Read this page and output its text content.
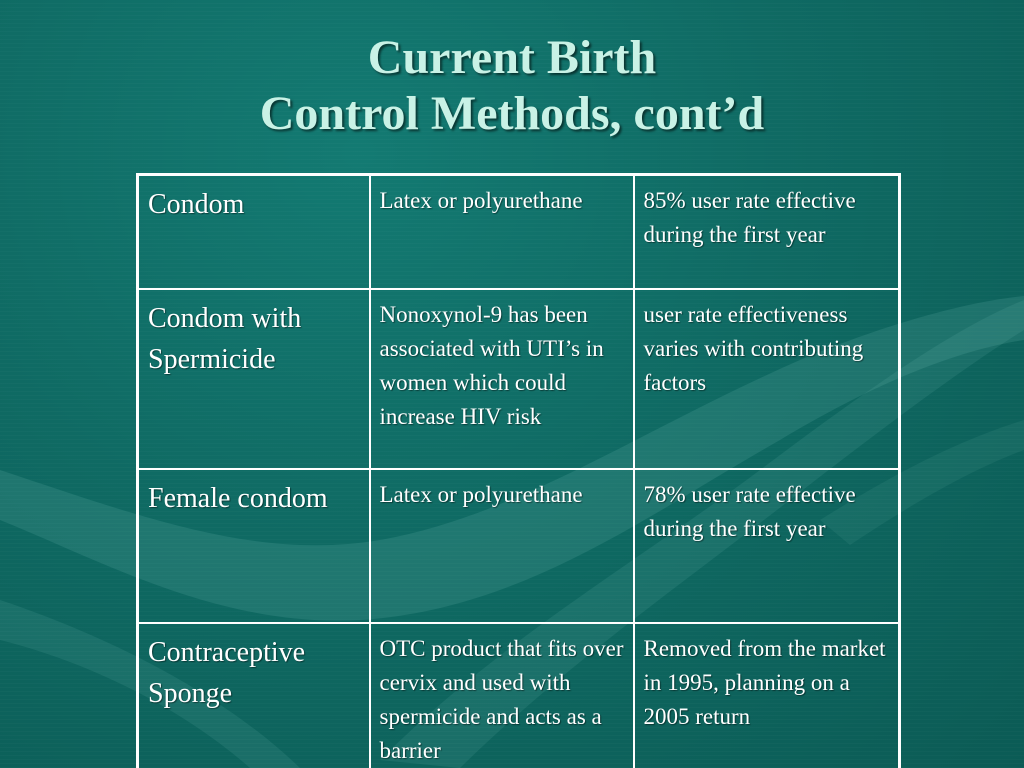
Current Birth
Control Methods, cont’d
Condom	Latex or polyurethane	85% user rate effective during the first year
Condom with Spermicide	Nonoxynol-9 has been associated with UTI’s in women which could increase HIV risk	user rate effectiveness varies with contributing factors
Female condom	Latex or polyurethane	78% user rate effective during the first year
Contraceptive Sponge	OTC product that fits over cervix and used with spermicide and acts as a barrier	Removed from the market in 1995, planning on a 2005 return
